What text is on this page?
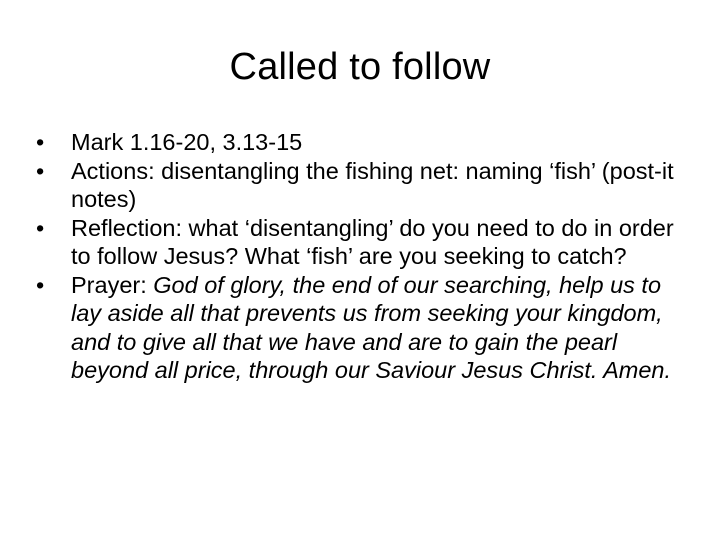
Called to follow
•	Mark 1.16-20, 3.13-15
•	Actions: disentangling the fishing net: naming ‘fish’ (post-it notes)
•	Reflection: what ‘disentangling’ do you need to do in order to follow Jesus? What ‘fish’ are you seeking to catch?
•	Prayer: God of glory, the end of our searching, help us to lay aside all that prevents us from seeking your kingdom, and to give all that we have and are to gain the pearl beyond all price, through our Saviour Jesus Christ. Amen.
